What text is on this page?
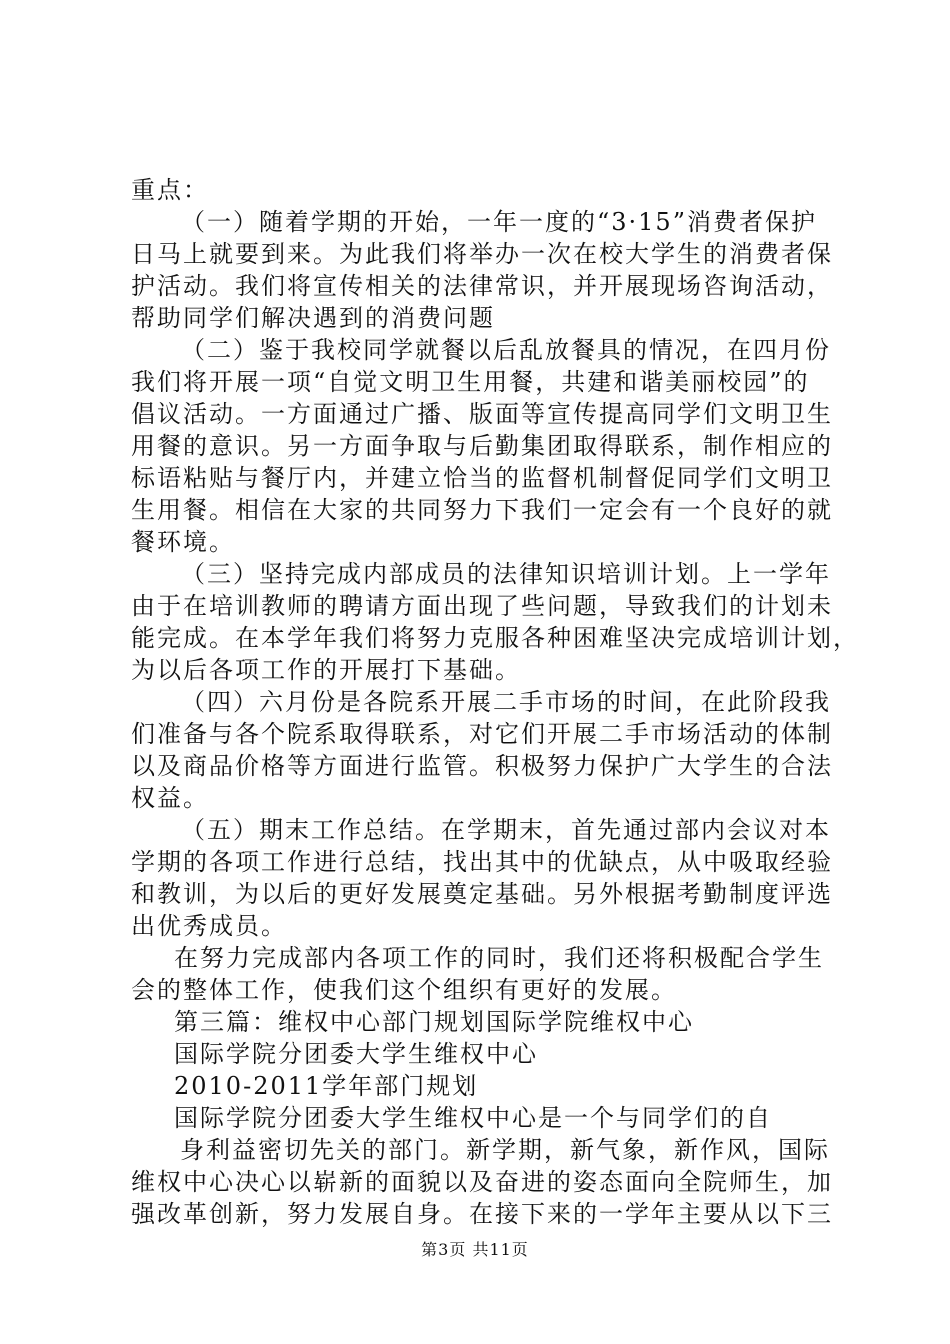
重点：
（一）随着学期的开始，一年一度的“3·15”消费者保护
日马上就要到来。为此我们将举办一次在校大学生的消费者保
护活动。我们将宣传相关的法律常识，并开展现场咨询活动，
帮助同学们解决遇到的消费问题
（二）鉴于我校同学就餐以后乱放餐具的情况，在四月份
我们将开展一项“自觉文明卫生用餐，共建和谐美丽校园”的
倡议活动。一方面通过广播、版面等宣传提高同学们文明卫生
用餐的意识。另一方面争取与后勤集团取得联系，制作相应的
标语粘贴与餐厅内，并建立恰当的监督机制督促同学们文明卫
生用餐。相信在大家的共同努力下我们一定会有一个良好的就
餐环境。
（三）坚持完成内部成员的法律知识培训计划。上一学年
由于在培训教师的聘请方面出现了些问题，导致我们的计划未
能完成。在本学年我们将努力克服各种困难坚决完成培训计划，
为以后各项工作的开展打下基础。
（四）六月份是各院系开展二手市场的时间，在此阶段我
们准备与各个院系取得联系，对它们开展二手市场活动的体制
以及商品价格等方面进行监管。积极努力保护广大学生的合法
权益。
（五）期末工作总结。在学期末，首先通过部内会议对本
学期的各项工作进行总结，找出其中的优缺点，从中吸取经验
和教训，为以后的更好发展奠定基础。另外根据考勤制度评选
出优秀成员。
在努力完成部内各项工作的同时，我们还将积极配合学生
会的整体工作，使我们这个组织有更好的发展。
第三篇：维权中心部门规划国际学院维权中心
国际学院分团委大学生维权中心
2010-2011学年部门规划
国际学院分团委大学生维权中心是一个与同学们的自
身利益密切先关的部门。新学期，新气象，新作风，国际
维权中心决心以崭新的面貌以及奋进的姿态面向全院师生，加
强改革创新，努力发展自身。在接下来的一学年主要从以下三
第3页 共11页
